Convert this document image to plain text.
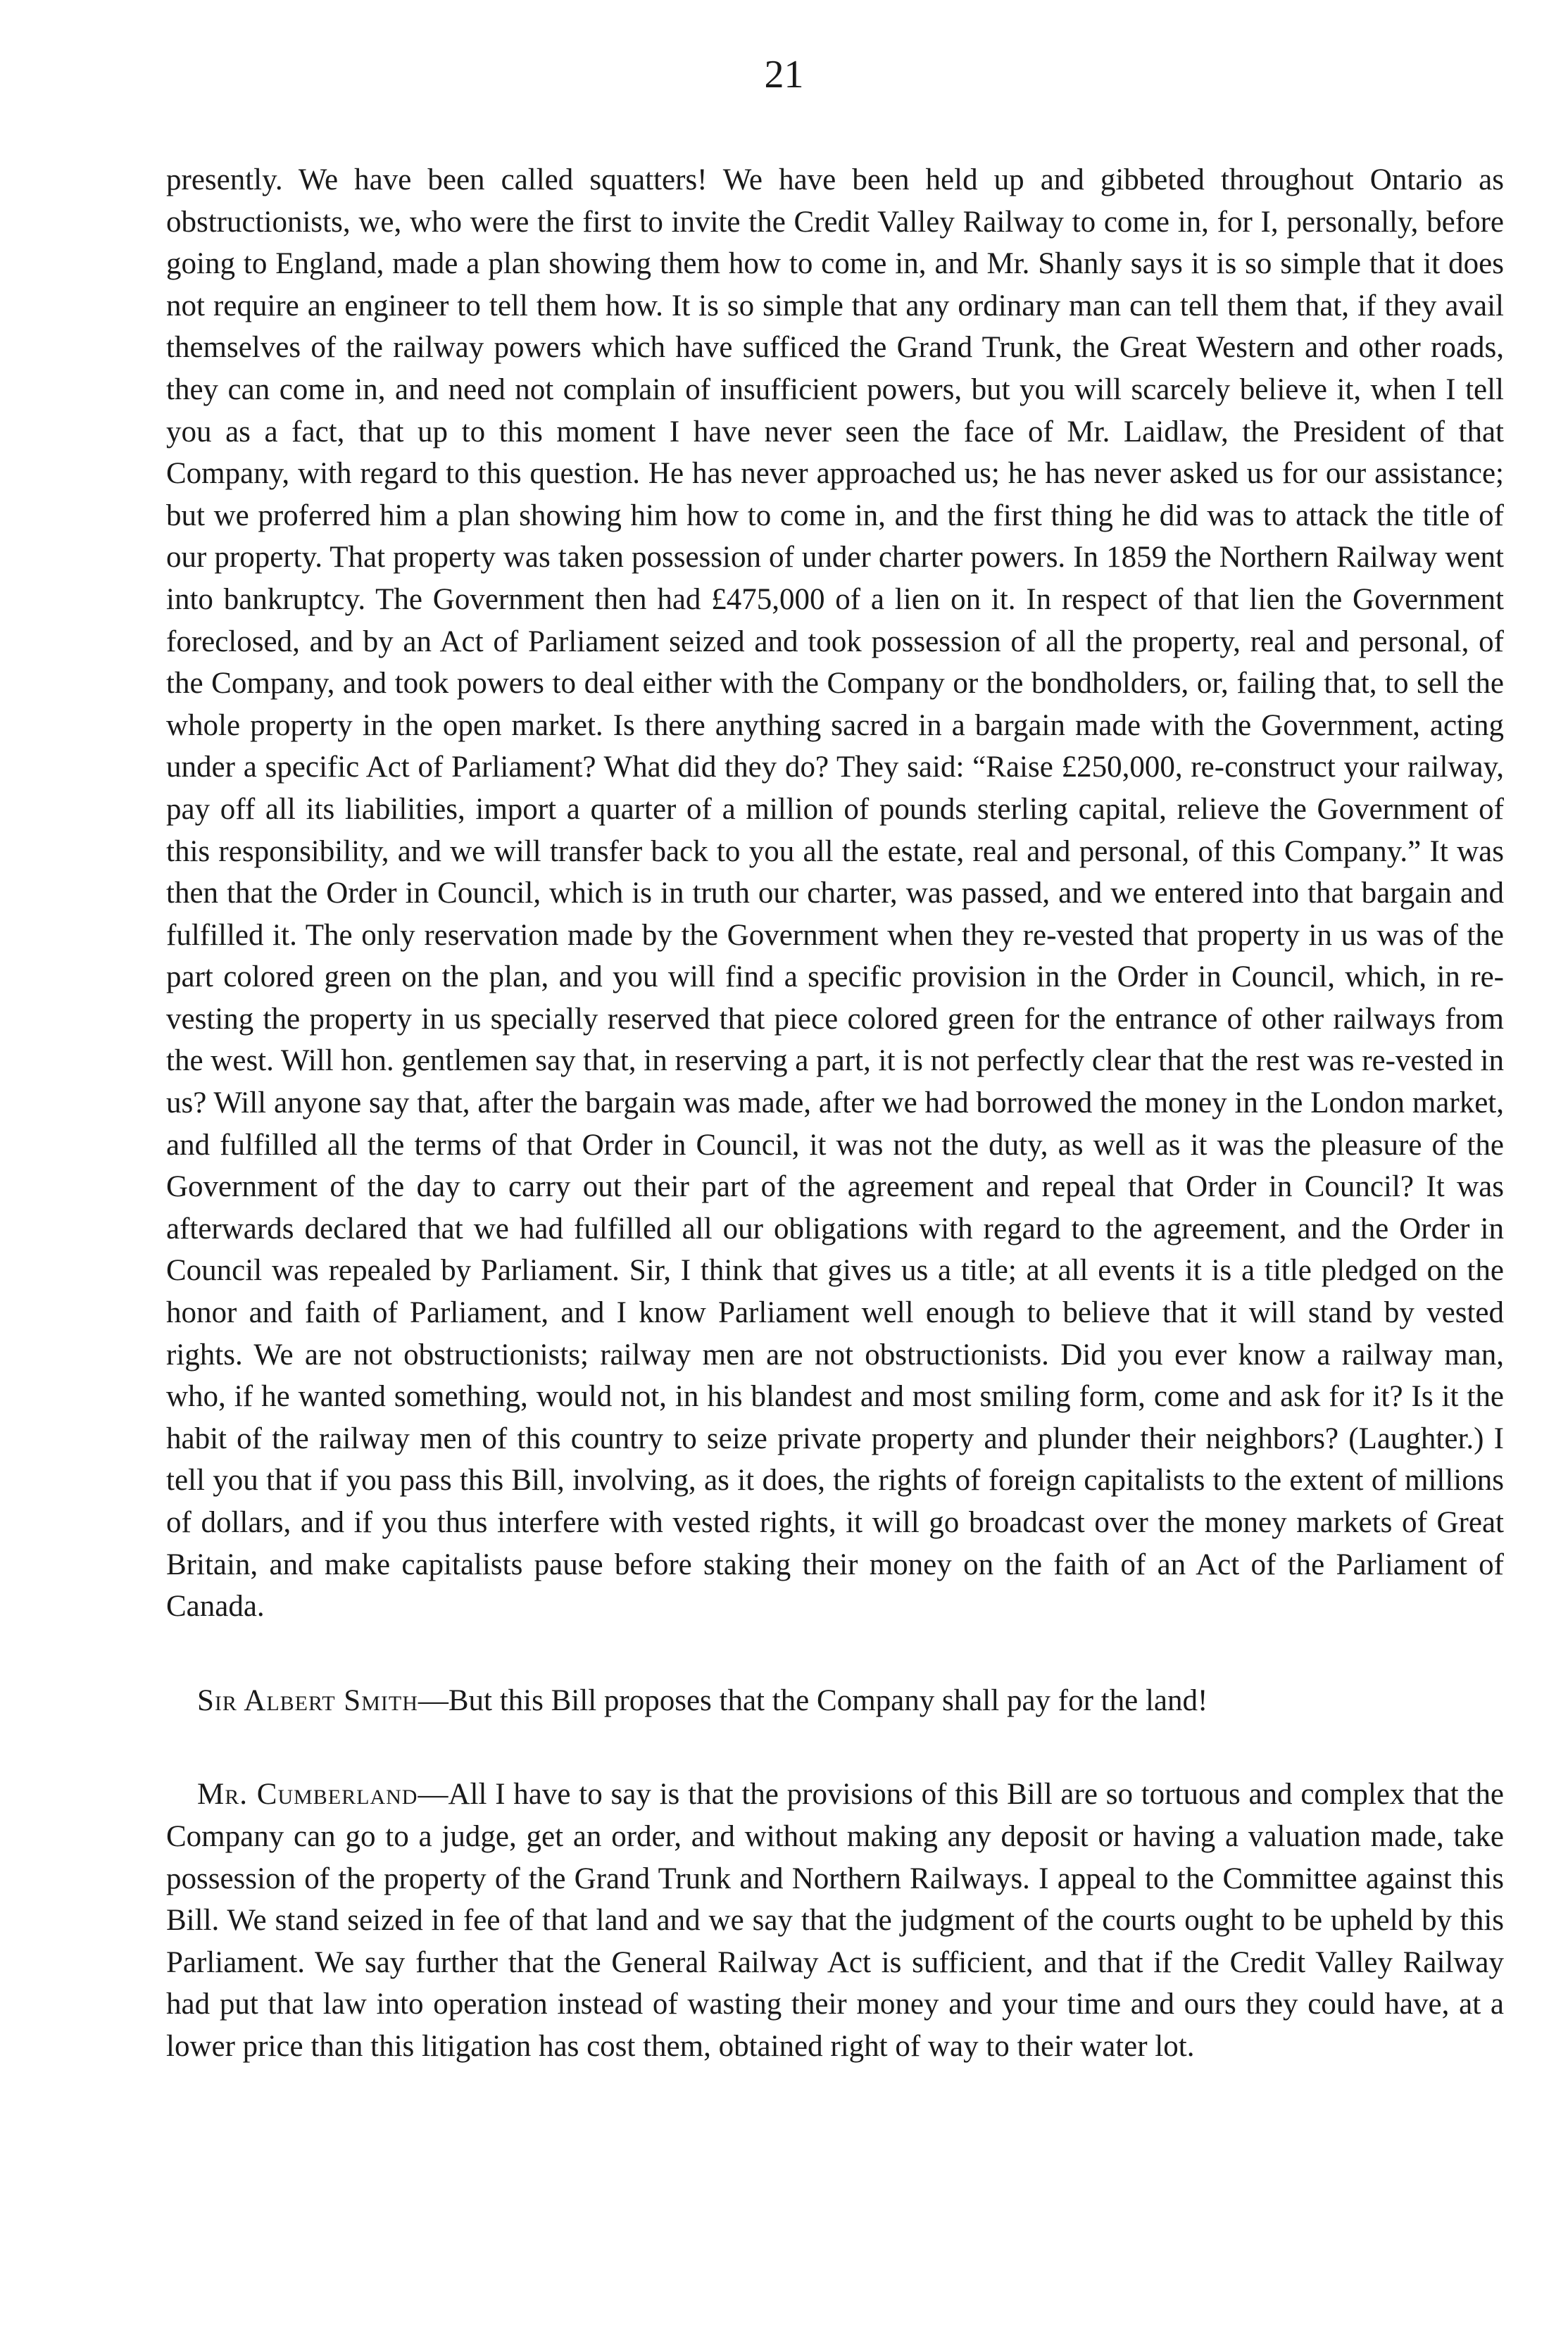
21

presently. We have been called squatters! We have been held up and gibbeted throughout Ontario as obstructionists, we, who were the first to invite the Credit Valley Railway to come in, for I, personally, before going to England, made a plan showing them how to come in, and Mr. Shanly says it is so simple that it does not require an engineer to tell them how. It is so simple that any ordinary man can tell them that, if they avail themselves of the railway powers which have sufficed the Grand Trunk, the Great Western and other roads, they can come in, and need not complain of insufficient powers, but you will scarcely believe it, when I tell you as a fact, that up to this moment I have never seen the face of Mr. Laidlaw, the President of that Company, with regard to this question. He has never approached us; he has never asked us for our assistance; but we proferred him a plan showing him how to come in, and the first thing he did was to attack the title of our property. That property was taken possession of under charter powers. In 1859 the Northern Railway went into bankruptcy. The Government then had £475,000 of a lien on it. In respect of that lien the Government foreclosed, and by an Act of Parliament seized and took possession of all the property, real and personal, of the Company, and took powers to deal either with the Company or the bondholders, or, failing that, to sell the whole property in the open market. Is there anything sacred in a bargain made with the Government, acting under a specific Act of Parliament? What did they do? They said: “Raise £250,000, re-construct your railway, pay off all its liabilities, import a quarter of a million of pounds sterling capital, relieve the Government of this responsibility, and we will transfer back to you all the estate, real and personal, of this Company.” It was then that the Order in Council, which is in truth our charter, was passed, and we entered into that bargain and fulfilled it. The only reservation made by the Government when they re-vested that property in us was of the part colored green on the plan, and you will find a specific provision in the Order in Council, which, in re-vesting the property in us specially reserved that piece colored green for the entrance of other railways from the west. Will hon. gentlemen say that, in reserving a part, it is not perfectly clear that the rest was re-vested in us? Will anyone say that, after the bargain was made, after we had borrowed the money in the London market, and fulfilled all the terms of that Order in Council, it was not the duty, as well as it was the pleasure of the Government of the day to carry out their part of the agreement and repeal that Order in Council? It was afterwards declared that we had fulfilled all our obligations with regard to the agreement, and the Order in Council was repealed by Parliament. Sir, I think that gives us a title; at all events it is a title pledged on the honor and faith of Parliament, and I know Parliament well enough to believe that it will stand by vested rights. We are not obstructionists; railway men are not obstructionists. Did you ever know a railway man, who, if he wanted something, would not, in his blandest and most smiling form, come and ask for it? Is it the habit of the railway men of this country to seize private property and plunder their neighbors? (Laughter.) I tell you that if you pass this Bill, involving, as it does, the rights of foreign capitalists to the extent of millions of dollars, and if you thus interfere with vested rights, it will go broadcast over the money markets of Great Britain, and make capitalists pause before staking their money on the faith of an Act of the Parliament of Canada.

Sir Albert Smith—But this Bill proposes that the Company shall pay for the land!

Mr. Cumberland—All I have to say is that the provisions of this Bill are so tortuous and complex that the Company can go to a judge, get an order, and without making any deposit or having a valuation made, take possession of the property of the Grand Trunk and Northern Railways. I appeal to the Committee against this Bill. We stand seized in fee of that land and we say that the judgment of the courts ought to be upheld by this Parliament. We say further that the General Railway Act is sufficient, and that if the Credit Valley Railway had put that law into operation instead of wasting their money and your time and ours they could have, at a lower price than this litigation has cost them, obtained right of way to their water lot.
